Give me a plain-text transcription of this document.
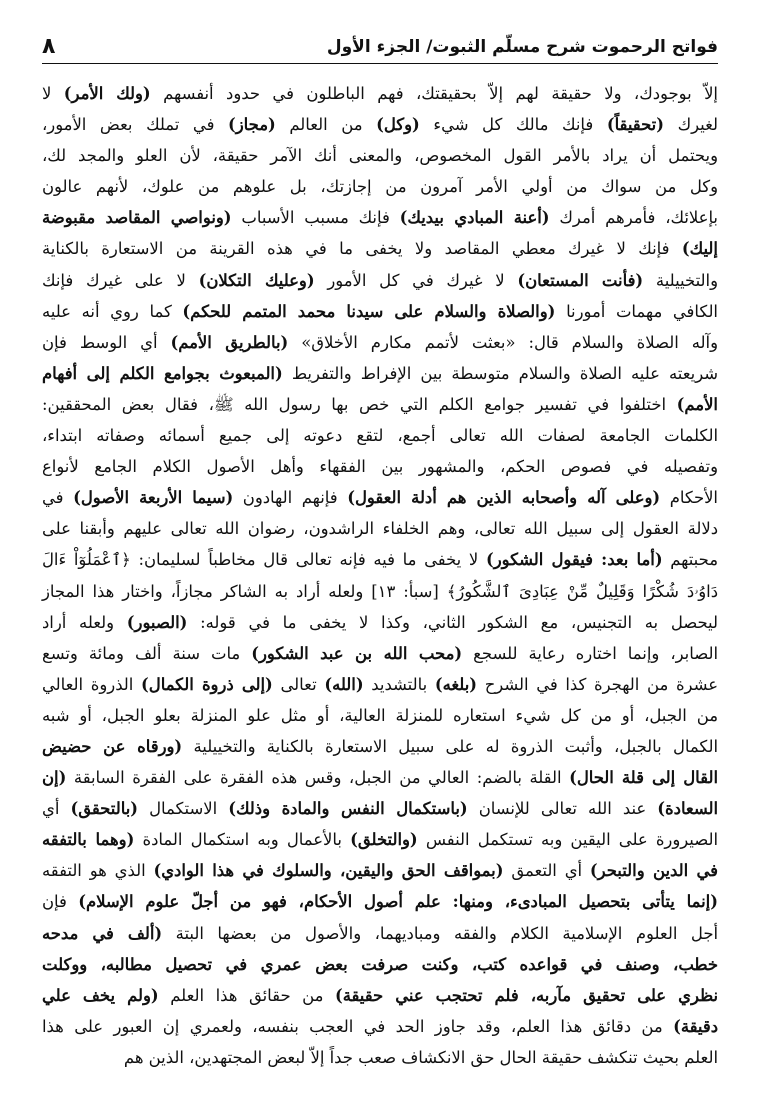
فواتح الرحموت شرح مسلّم الثبوت/ الجزء الأول
٨
إلاّ بوجودك، ولا حقيقة لهم إلاّ بحقيقتك، فهم الباطلون في حدود أنفسهم (ولك الأمر) لا
لغيرك (تحقيقاً) فإنك مالك كل شيء (وكل) من العالم (مجاز) في تملك بعض الأمور،
ويحتمل أن يراد بالأمر القول المخصوص، والمعنى أنك الآمر حقيقة، لأن العلو والمجد لك،
وكل من سواك من أولي الأمر آمرون من إجازتك، بل علوهم من علوك، لأنهم عالون
بإعلائك، فأمرهم أمرك (أعنة المبادي بيديك) فإنك مسبب الأسباب (ونواصي المقاصد مقبوضة
إليك) فإنك لا غيرك معطي المقاصد ولا يخفى ما في هذه القرينة من الاستعارة بالكناية
والتخييلية (فأنت المستعان) لا غيرك في كل الأمور (وعليك التكلان) لا على غيرك فإنك
الكافي مهمات أمورنا (والصلاة والسلام على سيدنا محمد المتمم للحكم) كما روي أنه عليه
وآله الصلاة والسلام قال: «بعثت لأتمم مكارم الأخلاق» (بالطريق الأمم) أي الوسط فإن
شريعته عليه الصلاة والسلام متوسطة بين الإفراط والتفريط (المبعوث بجوامع الكلم إلى أفهام
الأمم) اختلفوا في تفسير جوامع الكلم التي خص بها رسول الله ﷺ، فقال بعض المحققين:
الكلمات الجامعة لصفات الله تعالى أجمع، لتقع دعوته إلى جميع أسمائه وصفاته ابتداء،
وتفصيله في فصوص الحكم، والمشهور بين الفقهاء وأهل الأصول الكلام الجامع لأنواع
الأحكام (وعلى آله وأصحابه الذين هم أدلة العقول) فإنهم الهادون (سيما الأربعة الأصول) في
دلالة العقول إلى سبيل الله تعالى، وهم الخلفاء الراشدون، رضوان الله تعالى عليهم وأبقنا على
محبتهم (أما بعد: فيقول الشكور) لا يخفى ما فيه فإنه تعالى قال مخاطباً لسليمان: ﴿ٱعْمَلُوٓاْ ءَالَ
دَاوُۥدَ شُكْرًا وَقَلِيلٌ مِّنْ عِبَادِىَ ٱلشَّكُورُ﴾ [سبأ: ١٣] ولعله أراد به الشاكر مجازاً، واختار هذا المجاز
ليحصل به التجنيس، مع الشكور الثاني، وكذا لا يخفى ما في قوله: (الصبور) ولعله أراد
الصابر، وإنما اختاره رعاية للسجع (محب الله بن عبد الشكور) مات سنة ألف ومائة وتسع
عشرة من الهجرة كذا في الشرح (بلغه) بالتشديد (الله) تعالى (إلى ذروة الكمال) الذروة العالي
من الجبل، أو من كل شيء استعاره للمنزلة العالية، أو مثل علو المنزلة بعلو الجبل، أو شبه
الكمال بالجبل، وأثبت الذروة له على سبيل الاستعارة بالكناية والتخييلية (ورقاه عن حضيض
القال إلى قلة الحال) القلة بالضم: العالي من الجبل، وقس هذه الفقرة على الفقرة السابقة (إن
السعادة) عند الله تعالى للإنسان (باستكمال النفس والمادة وذلك) الاستكمال (بالتحقق) أي
الصيرورة على اليقين وبه تستكمل النفس (والتخلق) بالأعمال وبه استكمال المادة (وهما بالتفقه
في الدين والتبحر) أي التعمق (بمواقف الحق واليقين، والسلوك في هذا الوادي) الذي هو التفقه
(إنما يتأتى بتحصيل المبادىء، ومنها: علم أصول الأحكام، فهو من أجلّ علوم الإسلام) فإن
أجل العلوم الإسلامية الكلام والفقه ومباديهما، والأصول من بعضها البتة (ألف في مدحه
خطب، وصنف في قواعده كتب، وكنت صرفت بعض عمري في تحصيل مطالبه، ووكلت
نظري على تحقيق مآربه، فلم تحتجب عني حقيقة) من حقائق هذا العلم (ولم يخف علي
دقيقة) من دقائق هذا العلم، وقد جاوز الحد في العجب بنفسه، ولعمري إن العبور على هذا
العلم بحيث تنكشف حقيقة الحال حق الانكشاف صعب جداً إلاّ لبعض المجتهدين، الذين هم
